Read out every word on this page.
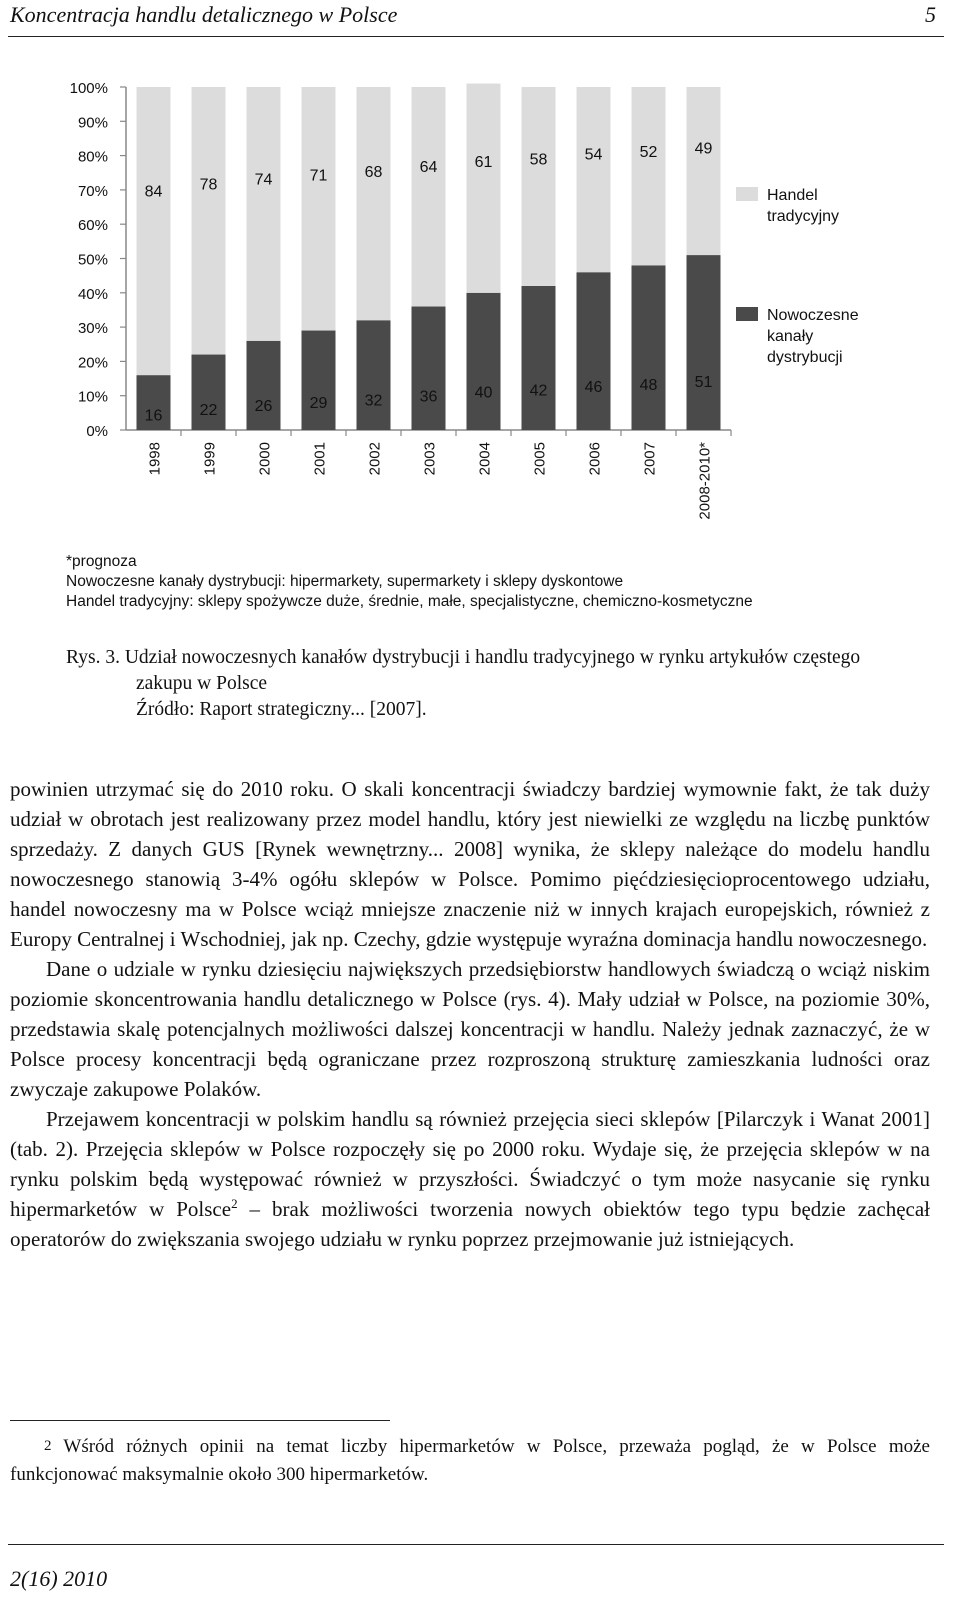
Koncentracja handlu detalicznego w Polsce	5
0%
10%
20%
30%
40%
50%
60%
70%
80%
90%
100%
16
84
1998
22
78
1999
26
74
2000
29
71
2001
32
68
2002
36
64
2003
40
61
2004
42
58
2005
46
54
2006
48
52
2007
51
49
2008-2010*
Handel tradycyjny
Nowoczesne kanały dystrybucji
*prognoza
Nowoczesne kanały dystrybucji: hipermarkety, supermarkety i sklepy dyskontowe
Handel tradycyjny: sklepy spożywcze duże, średnie, małe, specjalistyczne, chemiczno-kosmetyczne
Rys. 3. Udział nowoczesnych kanałów dystrybucji i handlu tradycyjnego w rynku artykułów częstego zakupu w Polsce
Źródło: Raport strategiczny... [2007].

powinien utrzymać się do 2010 roku. O skali koncentracji świadczy bardziej wymownie fakt, że tak duży udział w obrotach jest realizowany przez model handlu, który jest niewielki ze względu na liczbę punktów sprzedaży. Z danych GUS [Rynek wewnętrzny... 2008] wynika, że sklepy należące do modelu handlu nowoczesnego stanowią 3-4% ogółu sklepów w Polsce. Pomimo pięćdziesięcioprocentowego udziału, handel nowoczesny ma w Polsce wciąż mniejsze znaczenie niż w innych krajach europejskich, również z Europy Centralnej i Wschodniej, jak np. Czechy, gdzie występuje wyraźna dominacja handlu nowoczesnego.

Dane o udziale w rynku dziesięciu największych przedsiębiorstw handlowych świadczą o wciąż niskim poziomie skoncentrowania handlu detalicznego w Polsce (rys. 4). Mały udział w Polsce, na poziomie 30%, przedstawia skalę potencjalnych możliwości dalszej koncentracji w handlu. Należy jednak zaznaczyć, że w Polsce procesy koncentracji będą ograniczane przez rozproszoną strukturę zamieszkania ludności oraz zwyczaje zakupowe Polaków.

Przejawem koncentracji w polskim handlu są również przejęcia sieci sklepów [Pilarczyk i Wanat 2001] (tab. 2). Przejęcia sklepów w Polsce rozpoczęły się po 2000 roku. Wydaje się, że przejęcia sklepów w na rynku polskim będą występować również w przyszłości. Świadczyć o tym może nasycanie się rynku hipermarketów w Polsce$^2$ – brak możliwości tworzenia nowych obiektów tego typu będzie zachęcał operatorów do zwiększania swojego udziału w rynku poprzez przejmowanie już istniejących.

2 Wśród różnych opinii na temat liczby hipermarketów w Polsce, przeważa pogląd, że w Polsce może funkcjonować maksymalnie około 300 hipermarketów.
2(16) 2010
